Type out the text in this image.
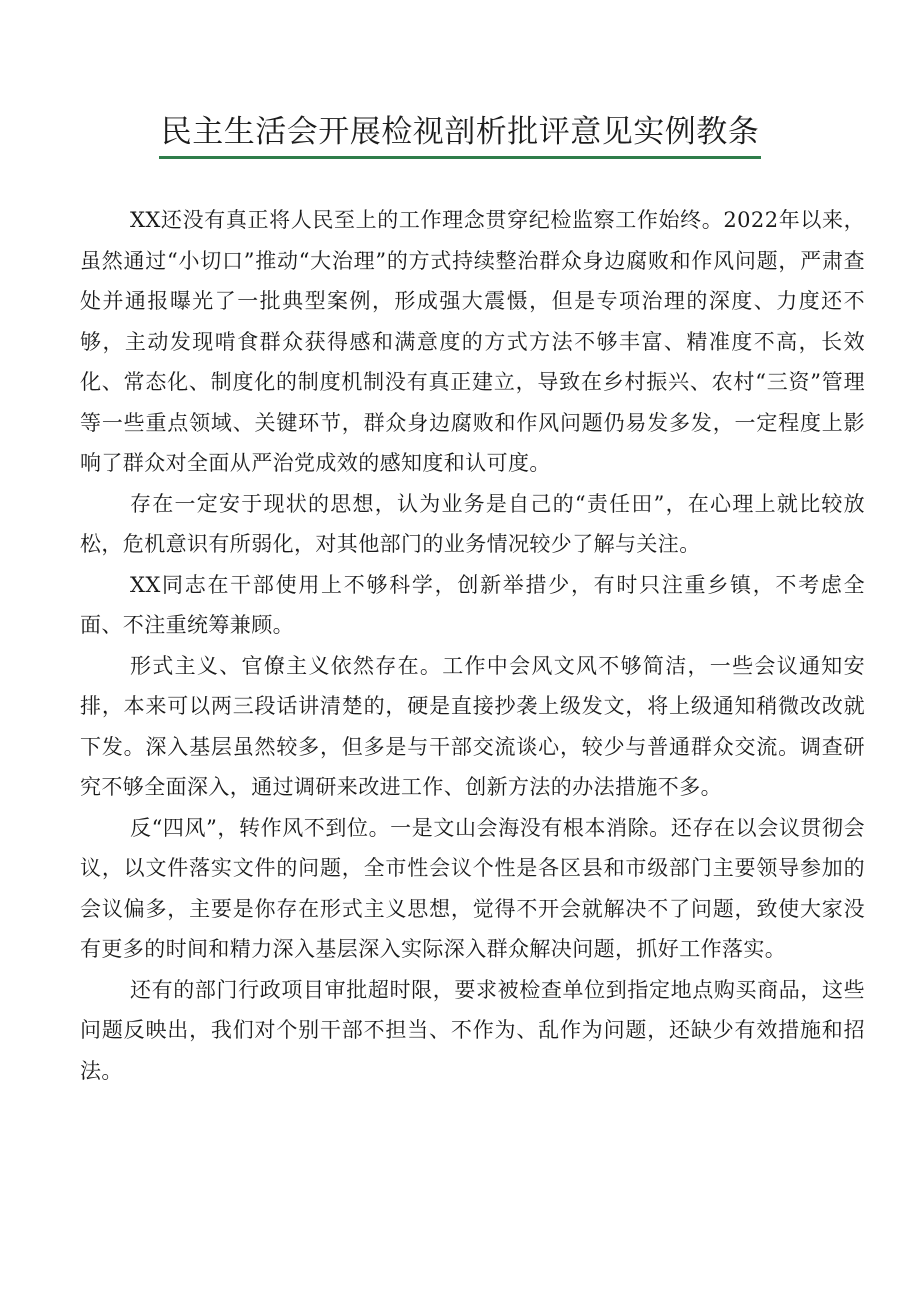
民主生活会开展检视剖析批评意见实例教条

XX还没有真正将人民至上的工作理念贯穿纪检监察工作始终。2022年以来，虽然通过“小切口”推动“大治理”的方式持续整治群众身边腐败和作风问题，严肃查处并通报曝光了一批典型案例，形成强大震慑，但是专项治理的深度、力度还不够，主动发现啃食群众获得感和满意度的方式方法不够丰富、精准度不高，长效化、常态化、制度化的制度机制没有真正建立，导致在乡村振兴、农村“三资”管理等一些重点领域、关键环节，群众身边腐败和作风问题仍易发多发，一定程度上影响了群众对全面从严治党成效的感知度和认可度。

存在一定安于现状的思想，认为业务是自己的“责任田”，在心理上就比较放松，危机意识有所弱化，对其他部门的业务情况较少了解与关注。

XX同志在干部使用上不够科学，创新举措少，有时只注重乡镇，不考虑全面、不注重统筹兼顾。

形式主义、官僚主义依然存在。工作中会风文风不够简洁，一些会议通知安排，本来可以两三段话讲清楚的，硬是直接抄袭上级发文，将上级通知稍微改改就下发。深入基层虽然较多，但多是与干部交流谈心，较少与普通群众交流。调查研究不够全面深入，通过调研来改进工作、创新方法的办法措施不多。

反“四风”，转作风不到位。一是文山会海没有根本消除。还存在以会议贯彻会议，以文件落实文件的问题，全市性会议个性是各区县和市级部门主要领导参加的会议偏多，主要是你存在形式主义思想，觉得不开会就解决不了问题，致使大家没有更多的时间和精力深入基层深入实际深入群众解决问题，抓好工作落实。

还有的部门行政项目审批超时限，要求被检查单位到指定地点购买商品，这些问题反映出，我们对个别干部不担当、不作为、乱作为问题，还缺少有效措施和招法。
